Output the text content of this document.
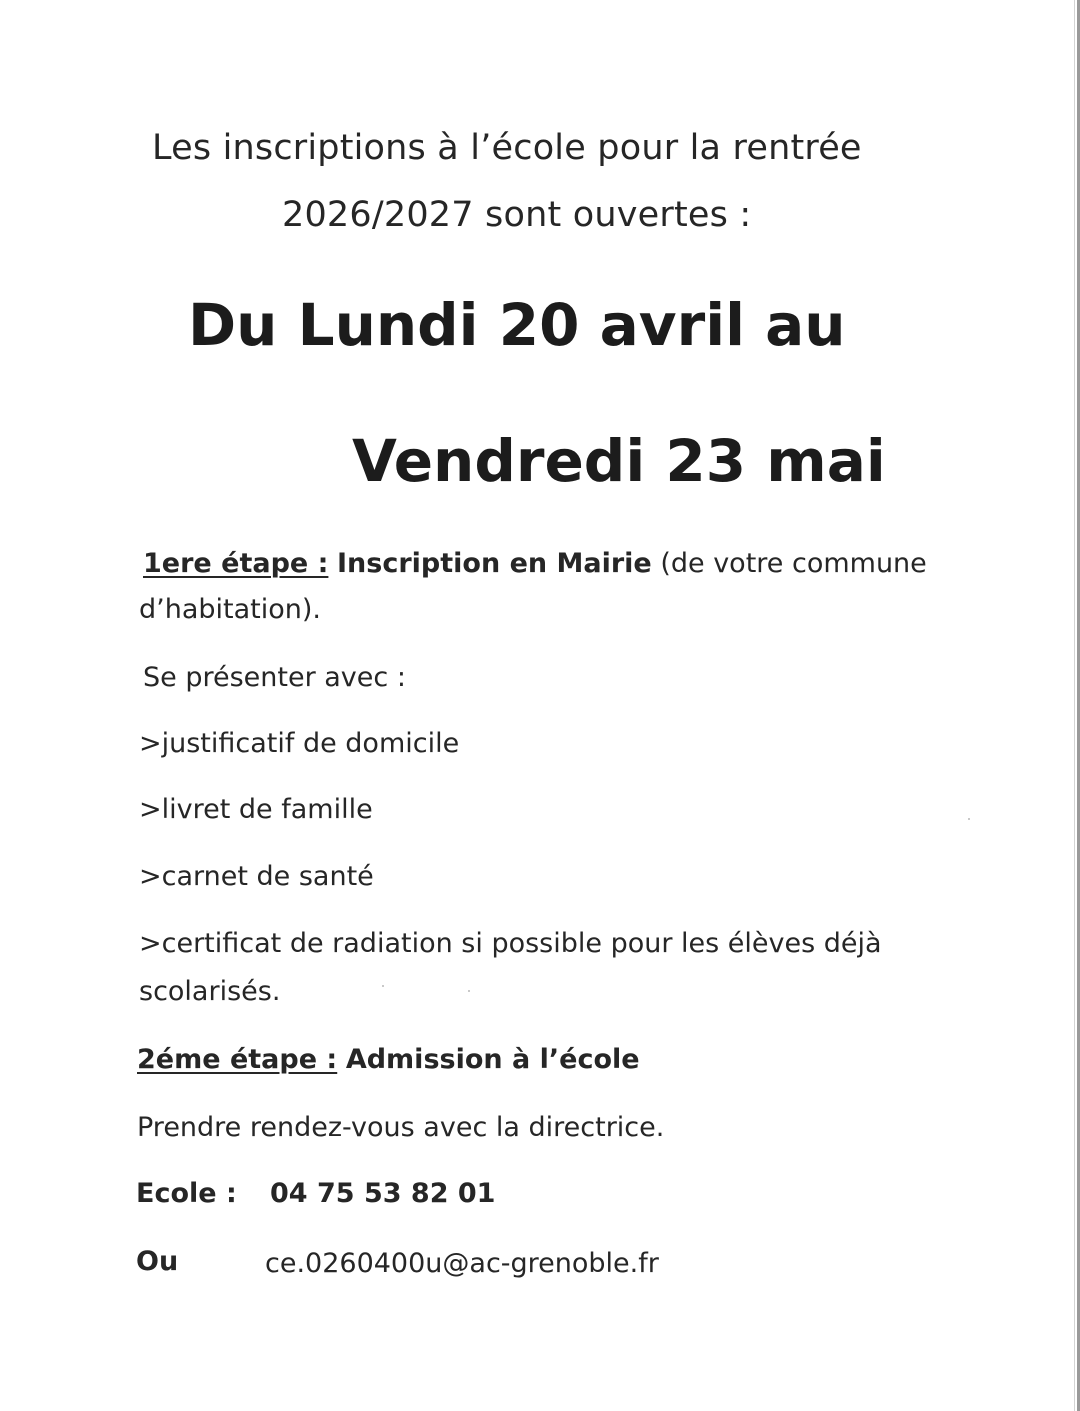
Les inscriptions à l’école pour la rentrée
2026/2027 sont ouvertes :
Du Lundi 20 avril au
Vendredi 23 mai
1ere étape : Inscription en Mairie (de votre commune
d’habitation).
Se présenter avec :
>justificatif de domicile
>livret de famille
>carnet de santé
>certificat de radiation si possible pour les élèves déjà
scolarisés.
2éme étape : Admission à l’école
Prendre rendez-vous avec la directrice.
Ecole : 04 75 53 82 01
Ou	ce.0260400u@ac-grenoble.fr
